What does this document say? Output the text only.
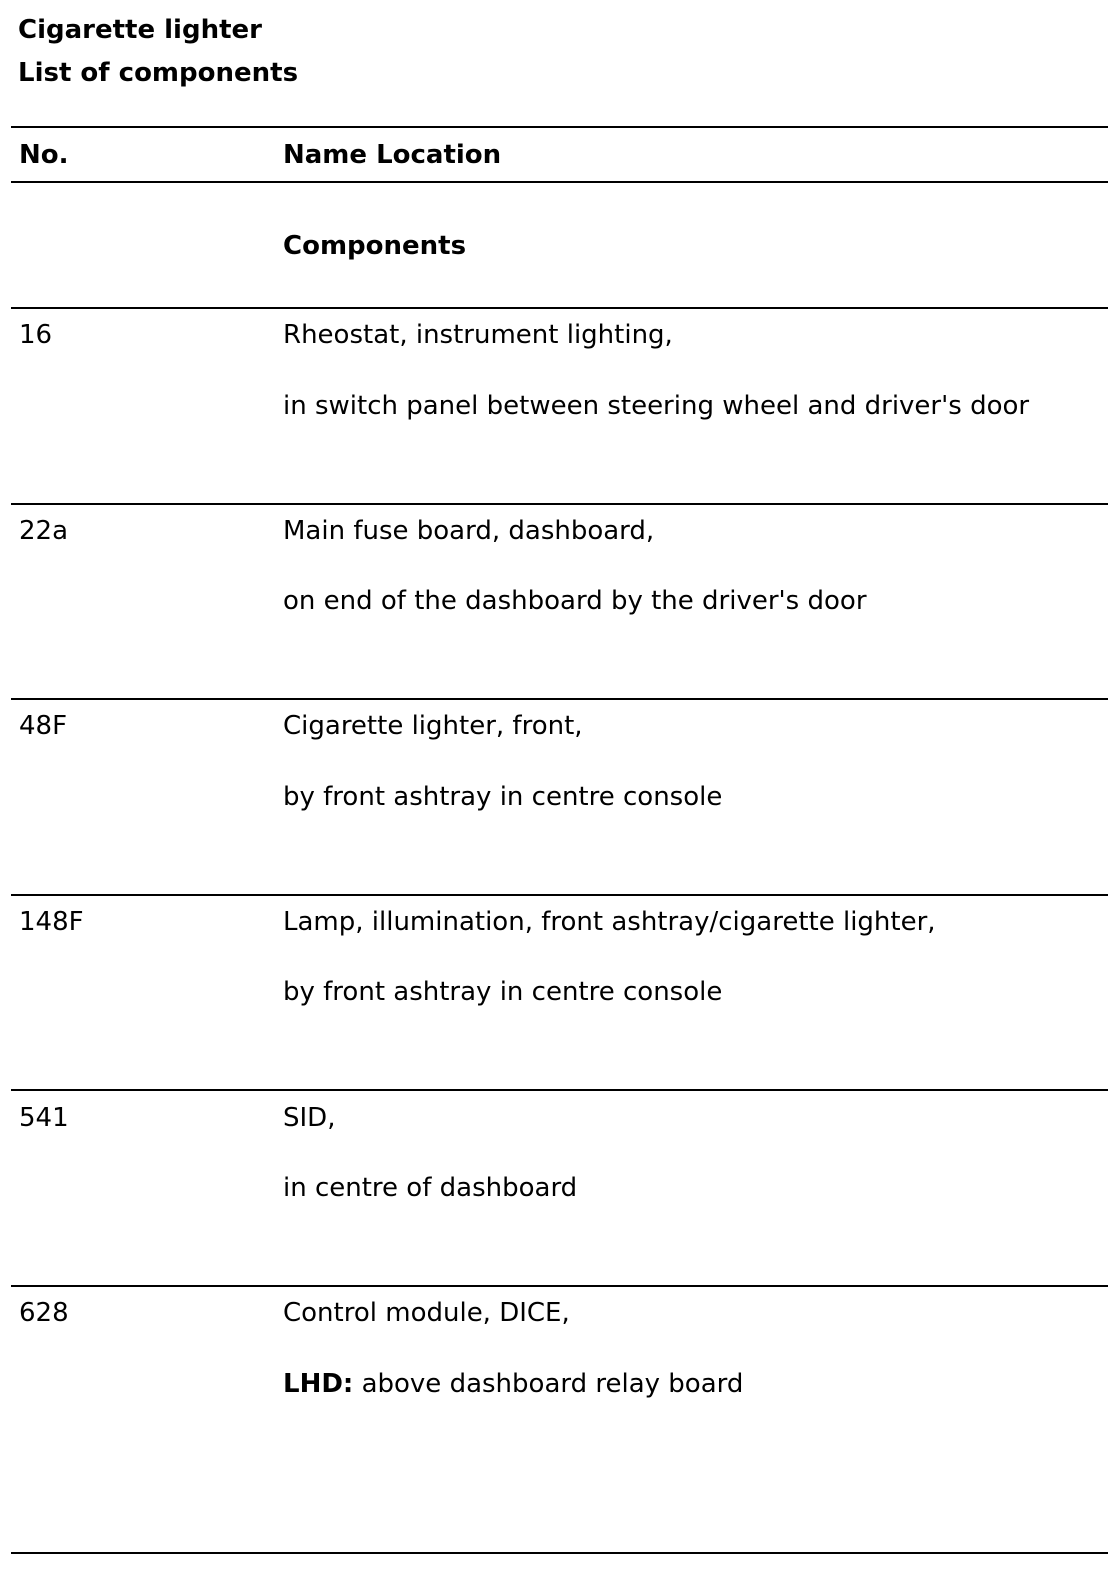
Cigarette lighter
List of components
No.	Name Location
Components
16	Rheostat, instrument lighting,
in switch panel between steering wheel and driver's door
22a	Main fuse board, dashboard,
on end of the dashboard by the driver's door
48F	Cigarette lighter, front,
by front ashtray in centre console
148F	Lamp, illumination, front ashtray/cigarette lighter,
by front ashtray in centre console
541	SID,
in centre of dashboard
628	Control module, DICE,
LHD: above dashboard relay board
